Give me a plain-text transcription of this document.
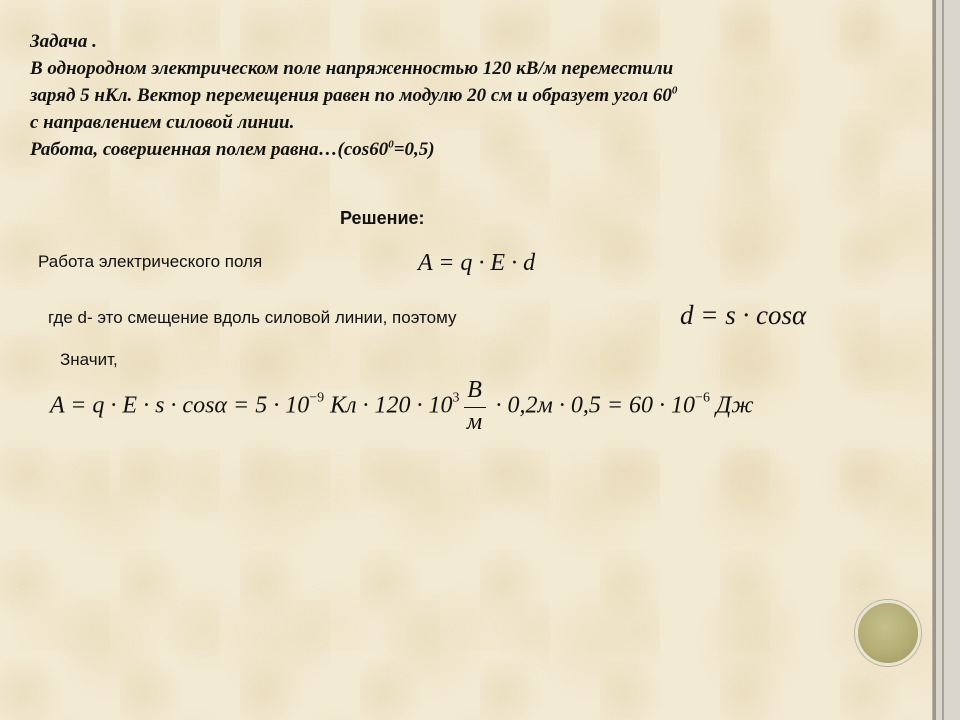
Задача .
В однородном электрическом поле напряженностью 120 кВ/м переместили
заряд 5 нКл. Вектор перемещения равен по модулю 20 см и образует угол $60^0$
с направлением силовой линии.
Работа, совершенная полем $равна\dots(\cos 60^0=0,5)$
Решение:
Работа электрического поля	A = q · E · d
где d- это смещение вдоль силовой линии, поэтому	d = s · cosα
Значит,
$A = q \cdot E \cdot s \cdot \cos\alpha = 5 \cdot 10^{-9}$ Кл · $120 \cdot 10^3 \frac{В}{м} \cdot 0,2м \cdot 0,5 = 60 \cdot 10^{-6}$ Дж
